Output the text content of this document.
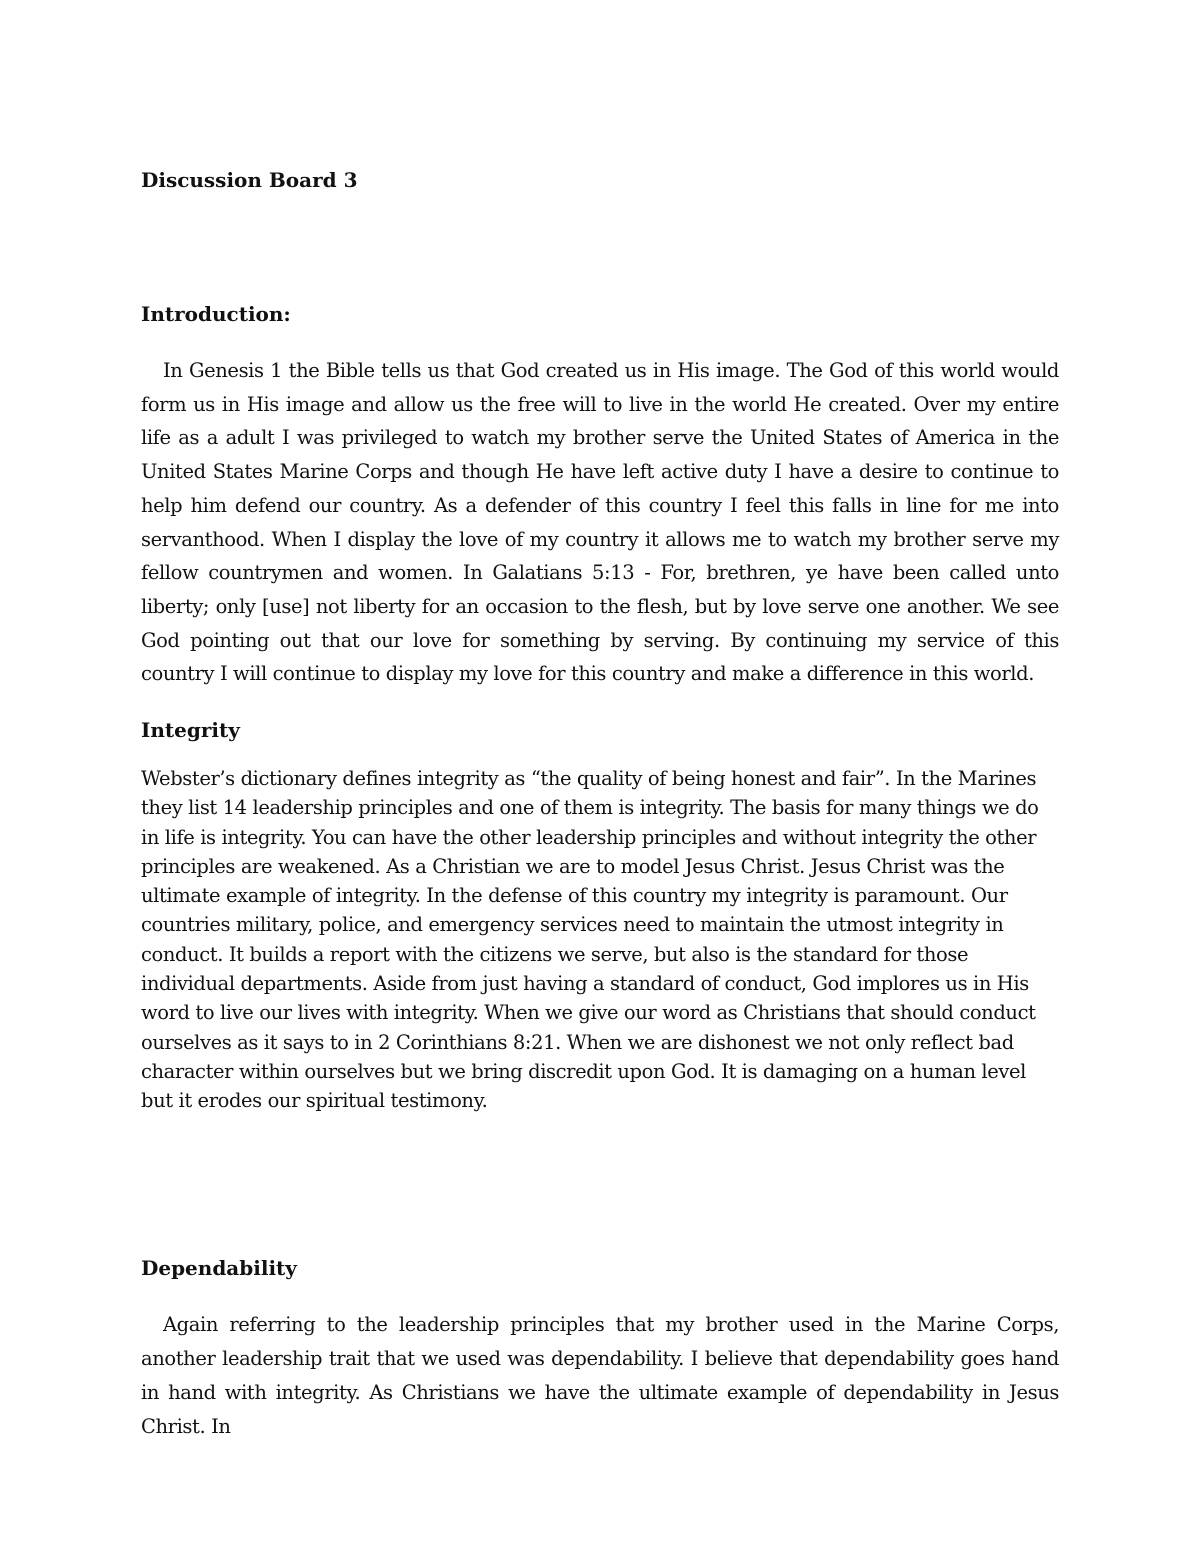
Discussion Board 3
Introduction:

In Genesis 1 the Bible tells us that God created us in His image. The God of this world would form us in His image and allow us the free will to live in the world He created. Over my entire life as a adult I was privileged to watch my brother serve the United States of America in the United States Marine Corps and though He have left active duty I have a desire to continue to help him defend our country. As a defender of this country I feel this falls in line for me into servanthood. When I display the love of my country it allows me to watch my brother serve my fellow countrymen and women. In Galatians 5:13 - For, brethren, ye have been called unto liberty; only [use] not liberty for an occasion to the flesh, but by love serve one another. We see God pointing out that our love for something by serving. By continuing my service of this country I will continue to display my love for this country and make a difference in this world.

Integrity

Webster’s dictionary defines integrity as “the quality of being honest and fair”. In the Marines they list 14 leadership principles and one of them is integrity. The basis for many things we do in life is integrity. You can have the other leadership principles and without integrity the other principles are weakened. As a Christian we are to model Jesus Christ. Jesus Christ was the ultimate example of integrity. In the defense of this country my integrity is paramount. Our countries military, police, and emergency services need to maintain the utmost integrity in conduct. It builds a report with the citizens we serve, but also is the standard for those individual departments. Aside from just having a standard of conduct, God implores us in His word to live our lives with integrity. When we give our word as Christians that should conduct ourselves as it says to in 2 Corinthians 8:21. When we are dishonest we not only reflect bad character within ourselves but we bring discredit upon God. It is damaging on a human level but it erodes our spiritual testimony.

Dependability

Again referring to the leadership principles that my brother used in the Marine Corps, another leadership trait that we used was dependability. I believe that dependability goes hand in hand with integrity. As Christians we have the ultimate example of dependability in Jesus Christ. In
